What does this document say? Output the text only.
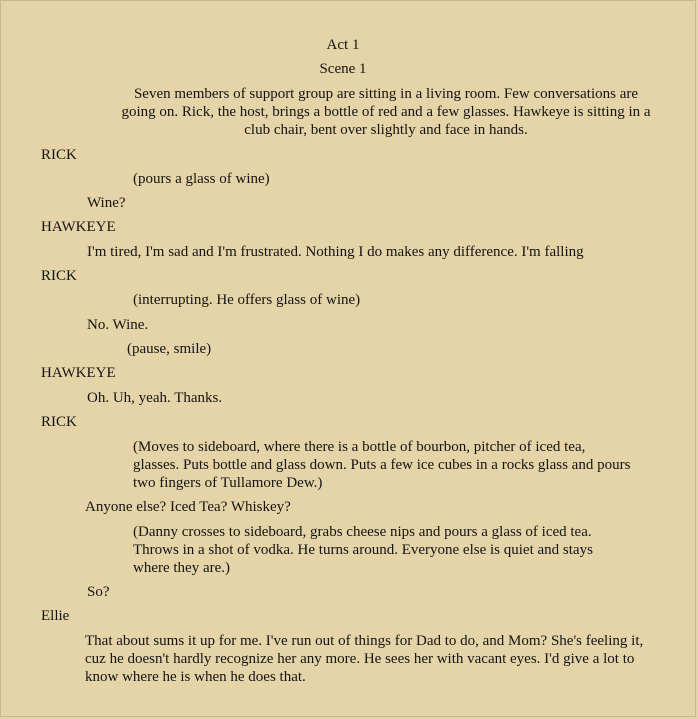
Act 1

Scene 1

Seven members of support group are sitting in a living room. Few conversations are going on. Rick, the host, brings a bottle of red and a few glasses. Hawkeye is sitting in a club chair, bent over slightly and face in hands.

RICK

(pours a glass of wine)

Wine?

HAWKEYE

I'm tired, I'm sad and I'm frustrated. Nothing I do makes any difference. I'm falling

RICK

(interrupting. He offers glass of wine)

No. Wine.

(pause, smile)

HAWKEYE

Oh. Uh, yeah. Thanks.

RICK

(Moves to sideboard, where there is a bottle of bourbon, pitcher of iced tea, glasses. Puts bottle and glass down. Puts a few ice cubes in a rocks glass and pours two fingers of Tullamore Dew.)

Anyone else? Iced Tea? Whiskey?

(Danny crosses to sideboard, grabs cheese nips and pours a glass of iced tea. Throws in a shot of vodka. He turns around. Everyone else is quiet and stays where they are.)

So?

Ellie

That about sums it up for me. I've run out of things for Dad to do, and Mom? She's feeling it, cuz he doesn't hardly recognize her any more. He sees her with vacant eyes. I'd give a lot to know where he is when he does that.
